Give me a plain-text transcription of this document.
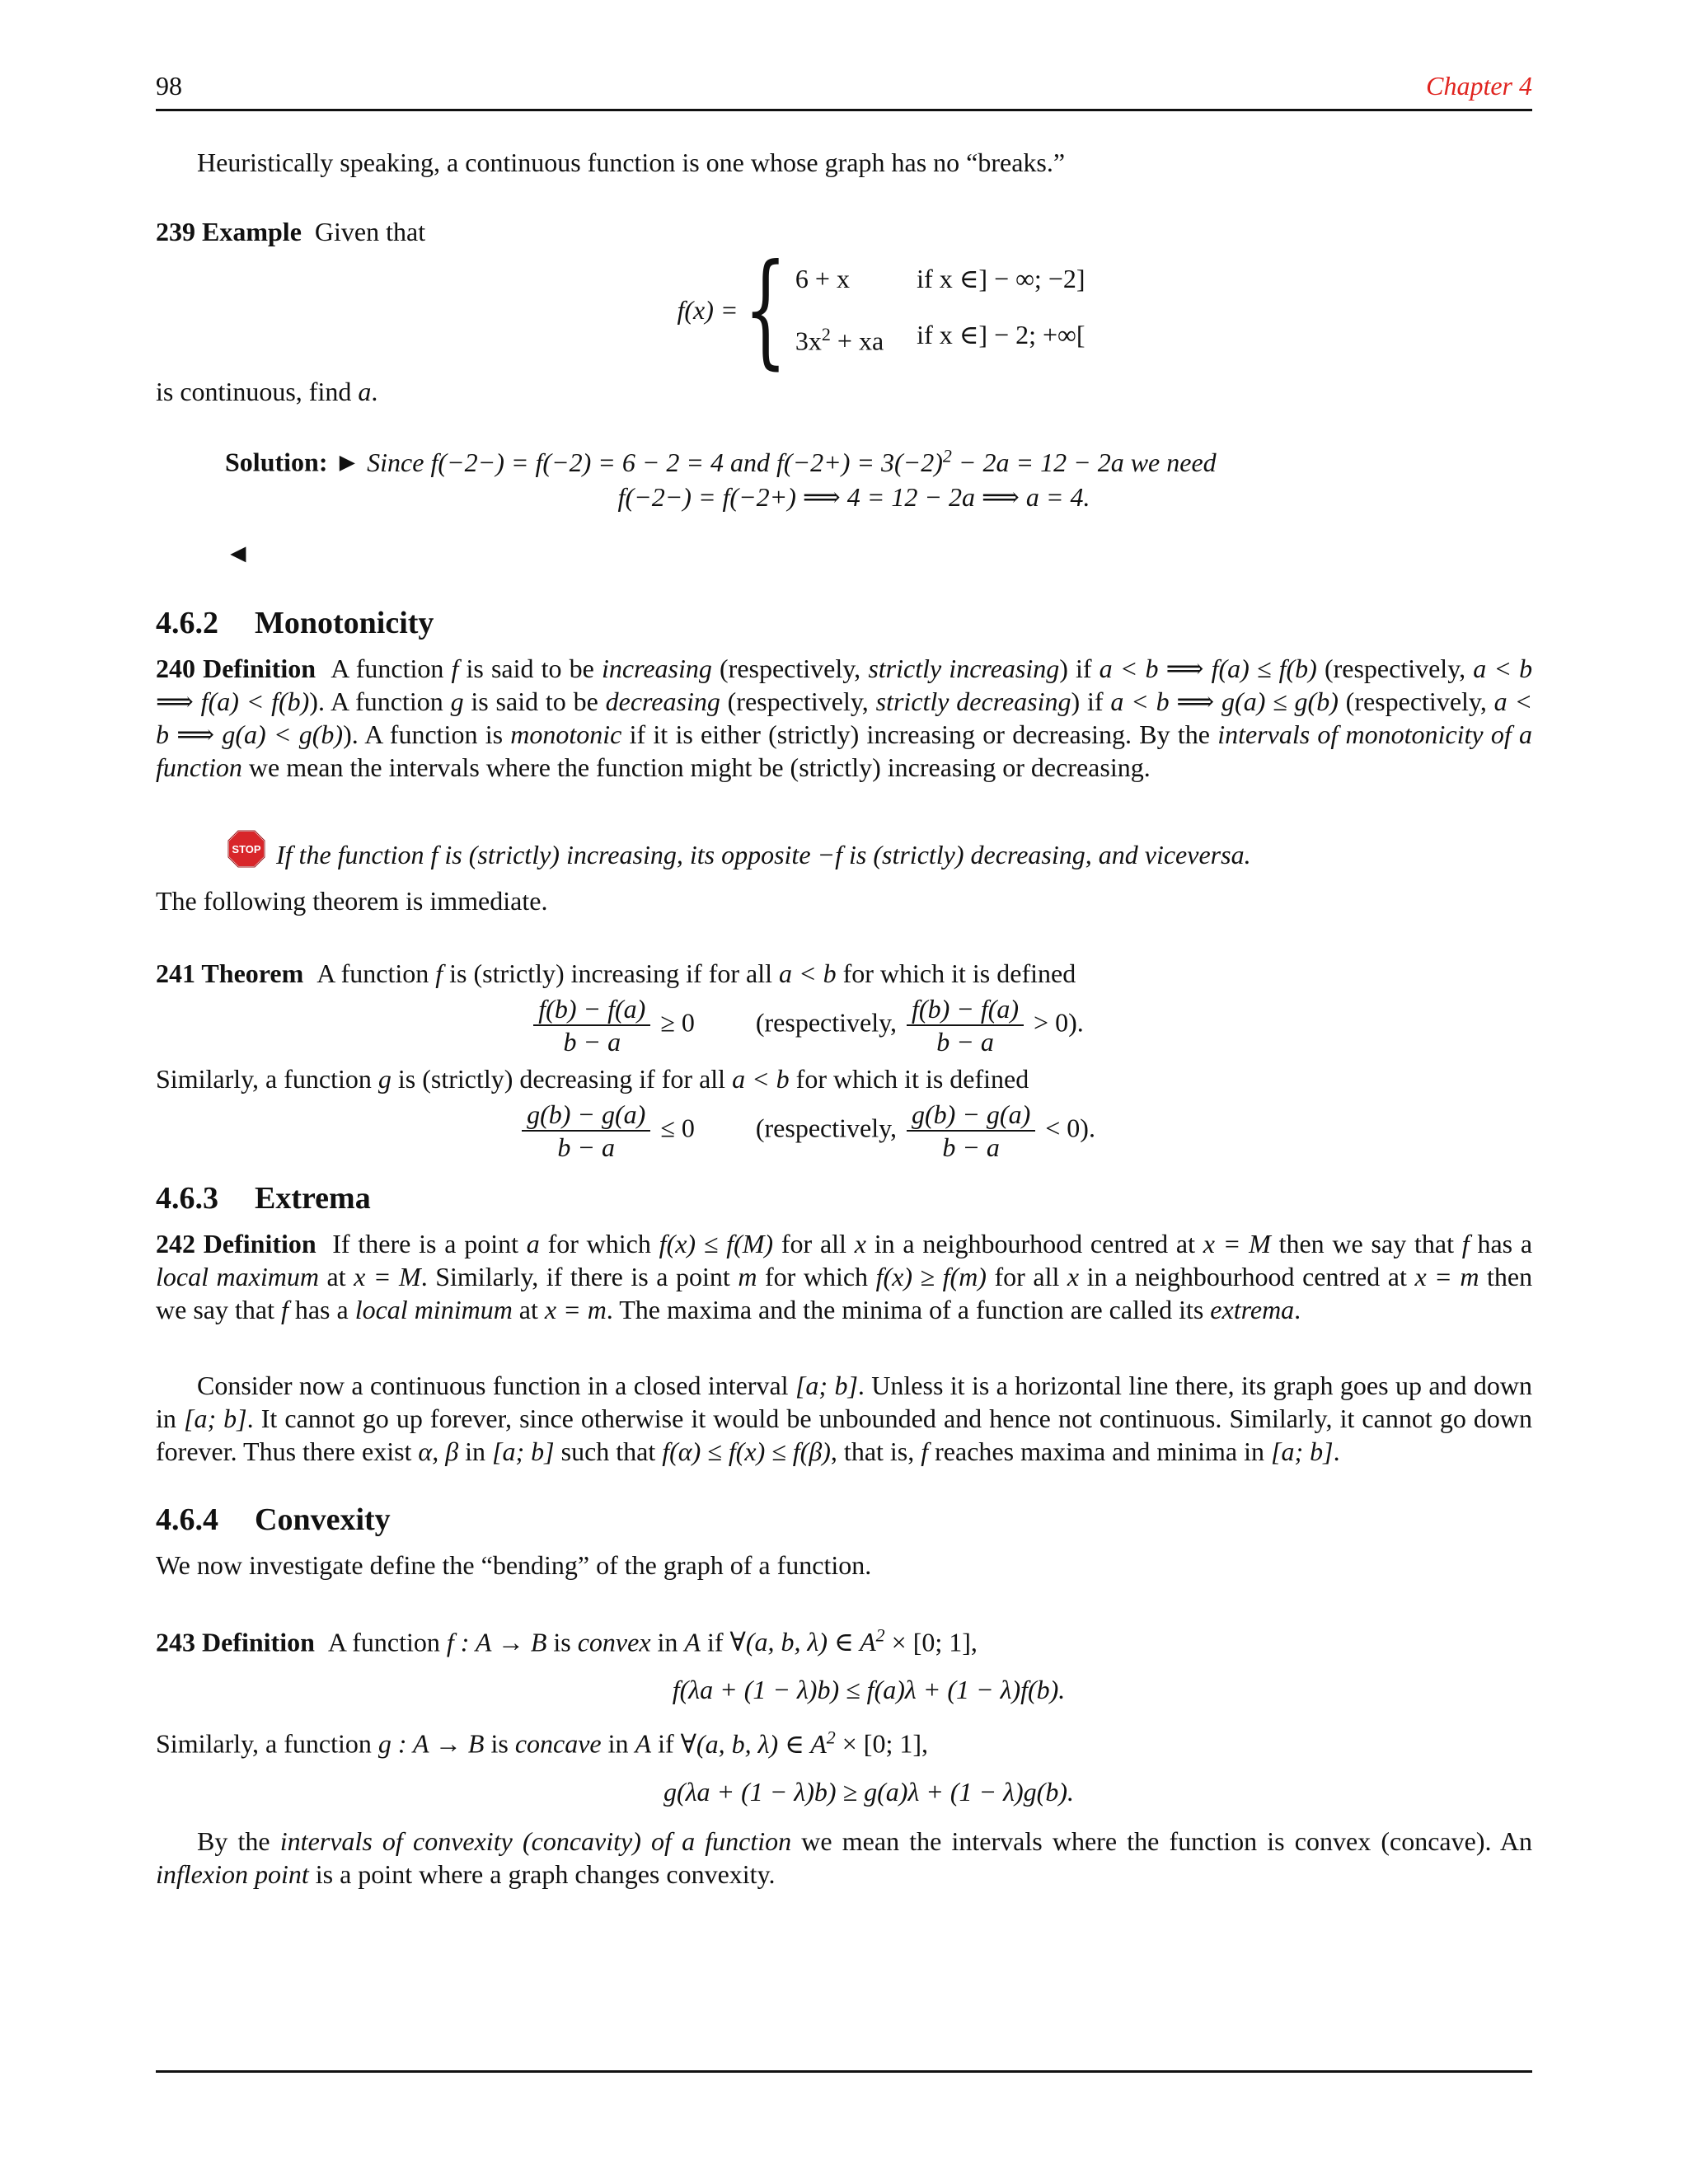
98	Chapter 4

Heuristically speaking, a continuous function is one whose graph has no “breaks.”

239 Example Given that

f(x) = { 6 + x	if x ∈] − ∞; −2]
$3x^2$ + xa if x ∈] − 2; +∞[

is continuous, find a.

Solution: ► Since f(−2−) = f(−2) = 6 − 2 = 4 and $f(-2+) = 3(-2)^2 - 2a = 12 - 2a$ we need

f(−2−) = f(−2+) ⟹ 4 = 12 − 2a ⟹ a = 4.

◄

4.6.2 Monotonicity

240 Definition A function f is said to be increasing (respectively, strictly increasing) if a < b ⟹ f(a) ≤ f(b) (respectively, a < b ⟹ f(a) < f(b)). A function g is said to be decreasing (respectively, strictly decreasing) if a < b ⟹ g(a) ≤ g(b) (respectively, a < b ⟹ g(a) < g(b)). A function is monotonic if it is either (strictly) increasing or decreasing. By the intervals of monotonicity of a function we mean the intervals where the function might be (strictly) increasing or decreasing.

STOP If the function f is (strictly) increasing, its opposite −f is (strictly) decreasing, and viceversa.

The following theorem is immediate.

241 Theorem A function f is (strictly) increasing if for all a < b for which it is defined

$\frac{f(b) - f(a)}{b - a} \ge 0$ (respectively, $\frac{f(b) - f(a)}{b - a} > 0$).

Similarly, a function g is (strictly) decreasing if for all a < b for which it is defined

$\frac{g(b) - g(a)}{b - a} \le 0$ (respectively, $\frac{g(b) - g(a)}{b - a} < 0$).
4.6.3 Extrema

242 Definition If there is a point a for which f(x) ≤ f(M) for all x in a neighbourhood centred at x = M then we say that f has a local maximum at x = M. Similarly, if there is a point m for which f(x) ≥ f(m) for all x in a neighbourhood centred at x = m then we say that f has a local minimum at x = m. The maxima and the minima of a function are called its extrema.

Consider now a continuous function in a closed interval [a; b]. Unless it is a horizontal line there, its graph goes up and down in [a; b]. It cannot go up forever, since otherwise it would be unbounded and hence not continuous. Similarly, it cannot go down forever. Thus there exist α, β in [a; b] such that f(α) ≤ f(x) ≤ f(β), that is, f reaches maxima and minima in [a; b].

4.6.4 Convexity

We now investigate define the “bending” of the graph of a function.

243 Definition A function f : A → B is convex in A if ∀(a, b, λ) ∈ $A^2 \times [0$; 1],

f(λa + (1 − λ)b) ≤ f(a)λ + (1 − λ)f(b).

Similarly, a function g : A → B is concave in A if ∀(a, b, λ) ∈ $A^2 \times [0$; 1],

g(λa + (1 − λ)b) ≥ g(a)λ + (1 − λ)g(b).

By the intervals of convexity (concavity) of a function we mean the intervals where the function is convex (concave). An inflexion point is a point where a graph changes convexity.
